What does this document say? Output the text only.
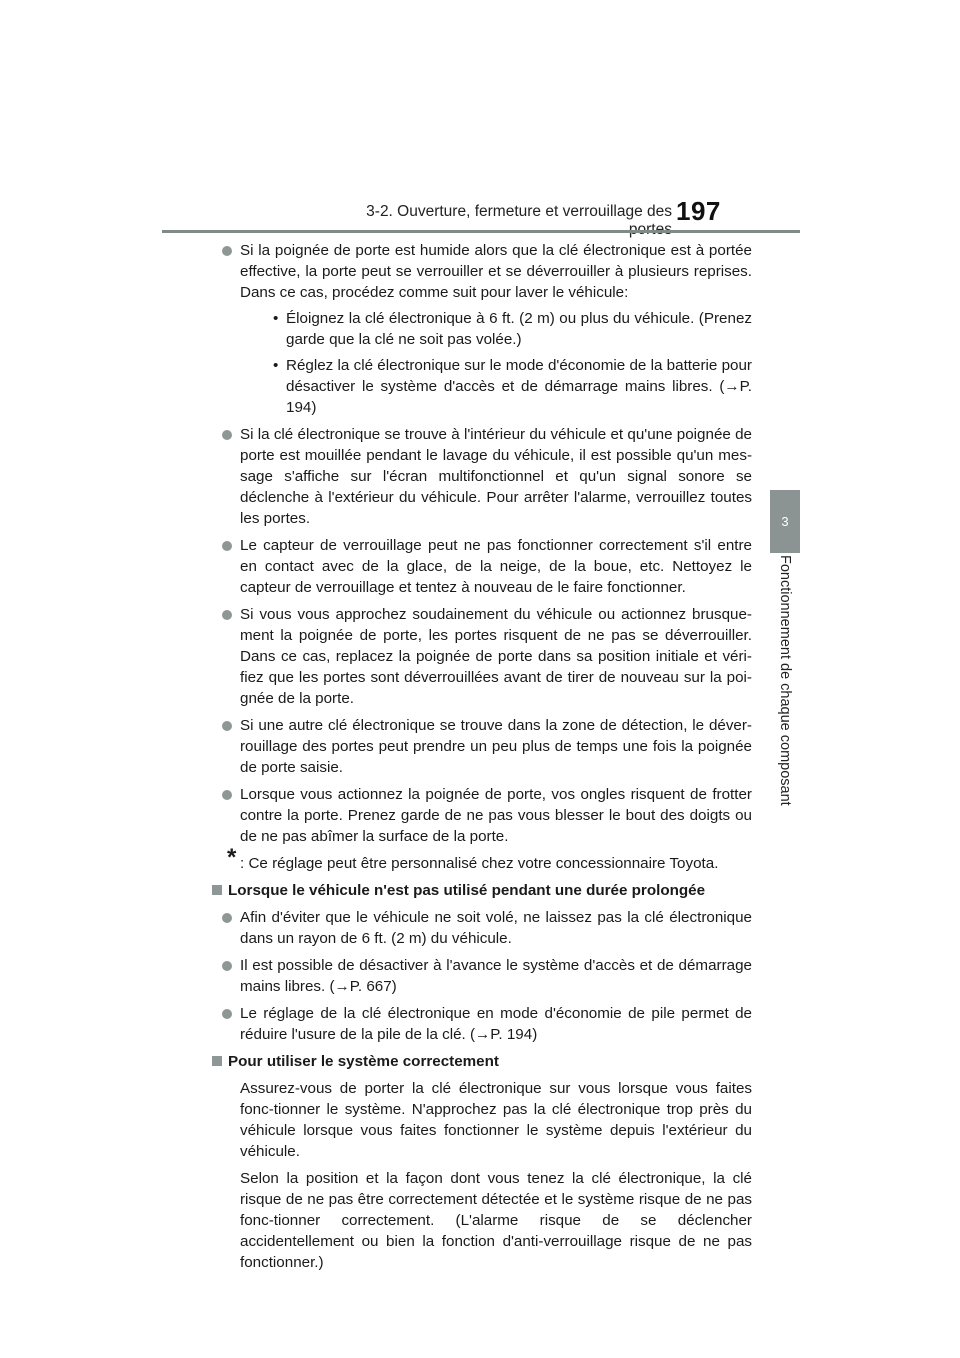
3-2. Ouverture, fermeture et verrouillage des 197
3
Fonctionnement de chaque composant
Si la poignée de porte est humide alors que la clé électronique est à portée effective, la porte peut se verrouiller et se déverrouiller à plusieurs reprises. Dans ce cas, procédez comme suit pour laver le véhicule:
• Éloignez la clé électronique à 6 ft. (2 m) ou plus du véhicule. (Prenez garde que la clé ne soit pas volée.)
• Réglez la clé électronique sur le mode d'économie de la batterie pour désactiver le système d'accès et de démarrage mains libres. (→P. 194)
Si la clé électronique se trouve à l'intérieur du véhicule et qu'une poignée de porte est mouillée pendant le lavage du véhicule, il est possible qu'un mes-sage s'affiche sur l'écran multifonctionnel et qu'un signal sonore se déclenche à l'extérieur du véhicule. Pour arrêter l'alarme, verrouillez toutes les portes.
Le capteur de verrouillage peut ne pas fonctionner correctement s'il entre en contact avec de la glace, de la neige, de la boue, etc. Nettoyez le capteur de verrouillage et tentez à nouveau de le faire fonctionner.
Si vous vous approchez soudainement du véhicule ou actionnez brusque-ment la poignée de porte, les portes risquent de ne pas se déverrouiller. Dans ce cas, replacez la poignée de porte dans sa position initiale et véri-fiez que les portes sont déverrouillées avant de tirer de nouveau sur la poi-gnée de la porte.
Si une autre clé électronique se trouve dans la zone de détection, le déver-rouillage des portes peut prendre un peu plus de temps une fois la poignée de porte saisie.
Lorsque vous actionnez la poignée de porte, vos ongles risquent de frotter contre la porte. Prenez garde de ne pas vous blesser le bout des doigts ou de ne pas abîmer la surface de la porte.
* : Ce réglage peut être personnalisé chez votre concessionnaire Toyota.
Lorsque le véhicule n'est pas utilisé pendant une durée prolongée
Afin d'éviter que le véhicule ne soit volé, ne laissez pas la clé électronique dans un rayon de 6 ft. (2 m) du véhicule.
Il est possible de désactiver à l'avance le système d'accès et de démarrage mains libres. (→P. 667)
Le réglage de la clé électronique en mode d'économie de pile permet de réduire l'usure de la pile de la clé. (→P. 194)
Pour utiliser le système correctement
Assurez-vous de porter la clé électronique sur vous lorsque vous faites fonc-tionner le système. N'approchez pas la clé électronique trop près du véhicule lorsque vous faites fonctionner le système depuis l'extérieur du véhicule.
Selon la position et la façon dont vous tenez la clé électronique, la clé risque de ne pas être correctement détectée et le système risque de ne pas fonc-tionner correctement. (L'alarme risque de se déclencher accidentellement ou bien la fonction d'anti-verrouillage risque de ne pas fonctionner.)
